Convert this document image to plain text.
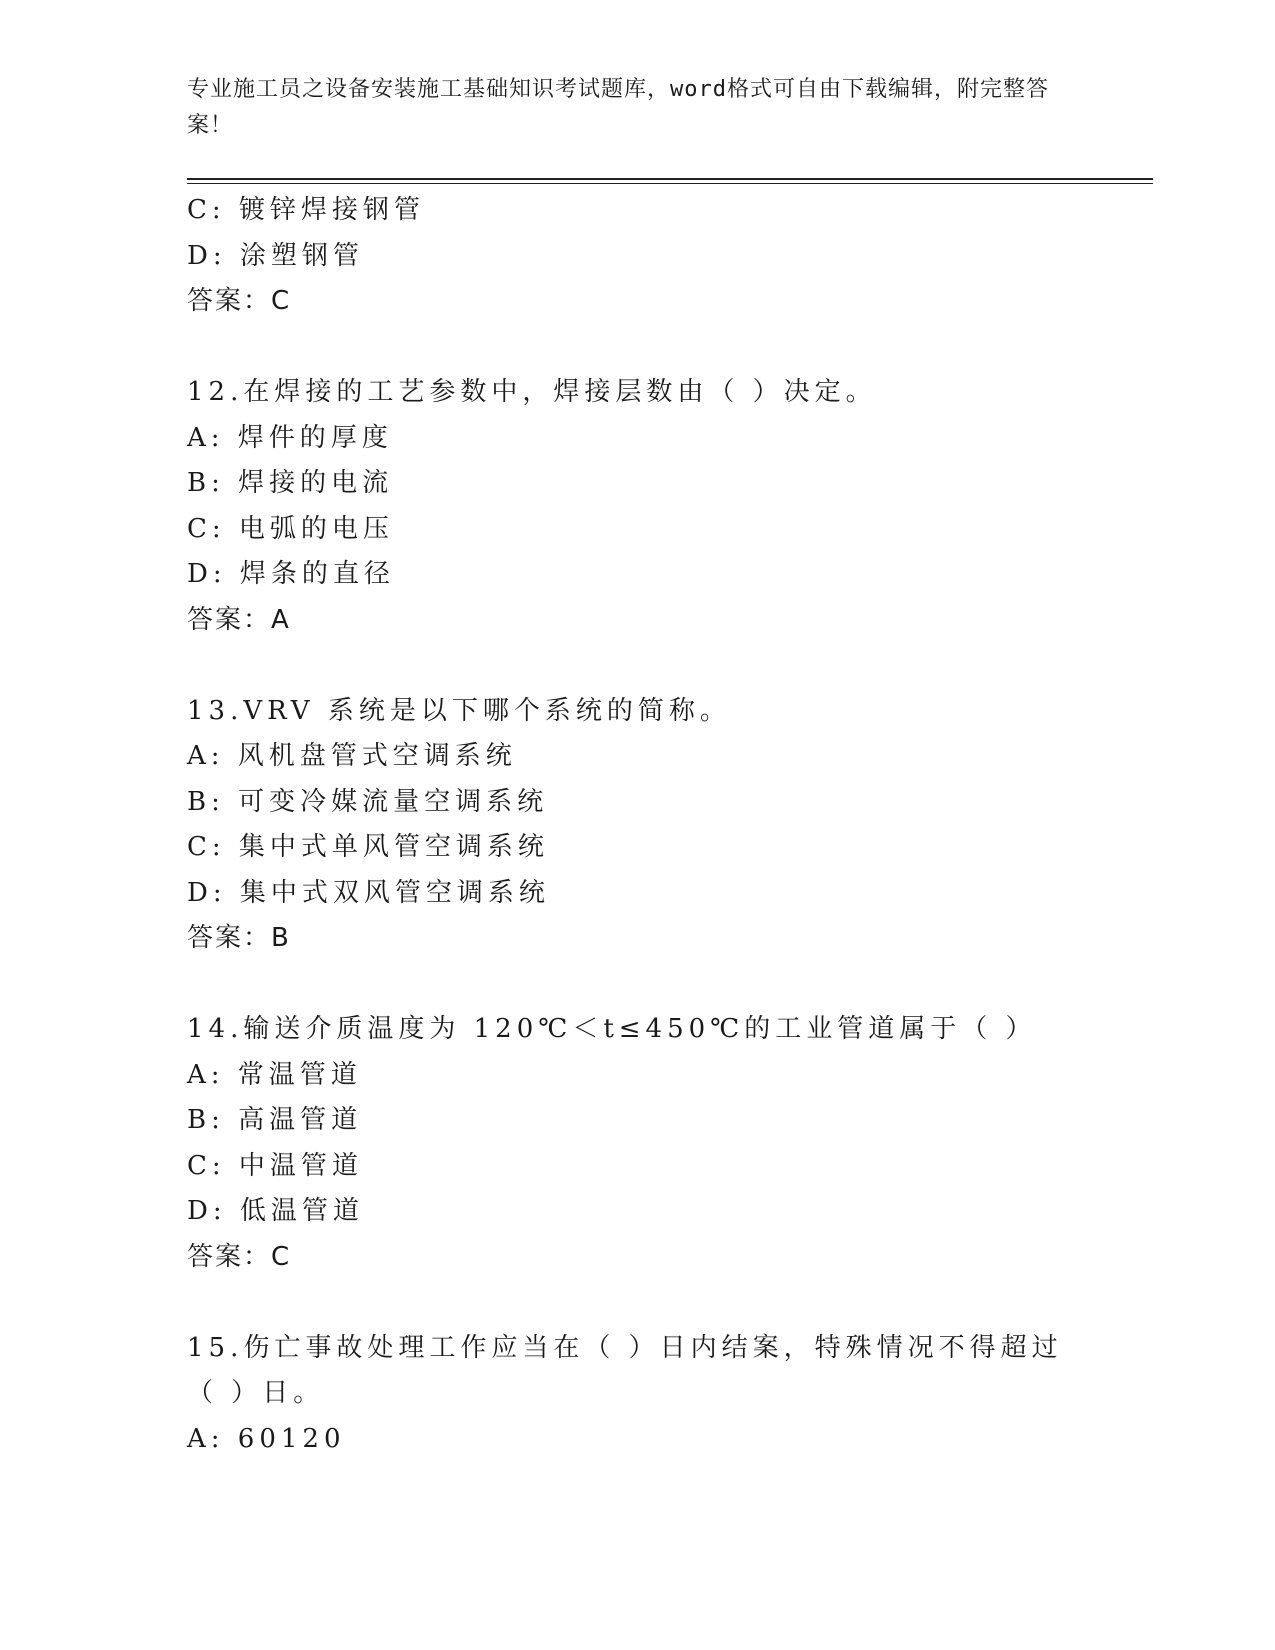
专业施工员之设备安装施工基础知识考试题库，word格式可自由下载编辑，附完整答案！
C: 镀锌焊接钢管
D: 涂塑钢管
答案：C
12.在焊接的工艺参数中，焊接层数由（ ）决定。
A: 焊件的厚度
B: 焊接的电流
C: 电弧的电压
D: 焊条的直径
答案：A
13.VRV 系统是以下哪个系统的简称。
A: 风机盘管式空调系统
B: 可变冷媒流量空调系统
C: 集中式单风管空调系统
D: 集中式双风管空调系统
答案：B
14.输送介质温度为 120℃＜t≤450℃的工业管道属于（ ）
A: 常温管道
B: 高温管道
C: 中温管道
D: 低温管道
答案：C
15.伤亡事故处理工作应当在（ ）日内结案，特殊情况不得超过（ ）日。
A: 60120
